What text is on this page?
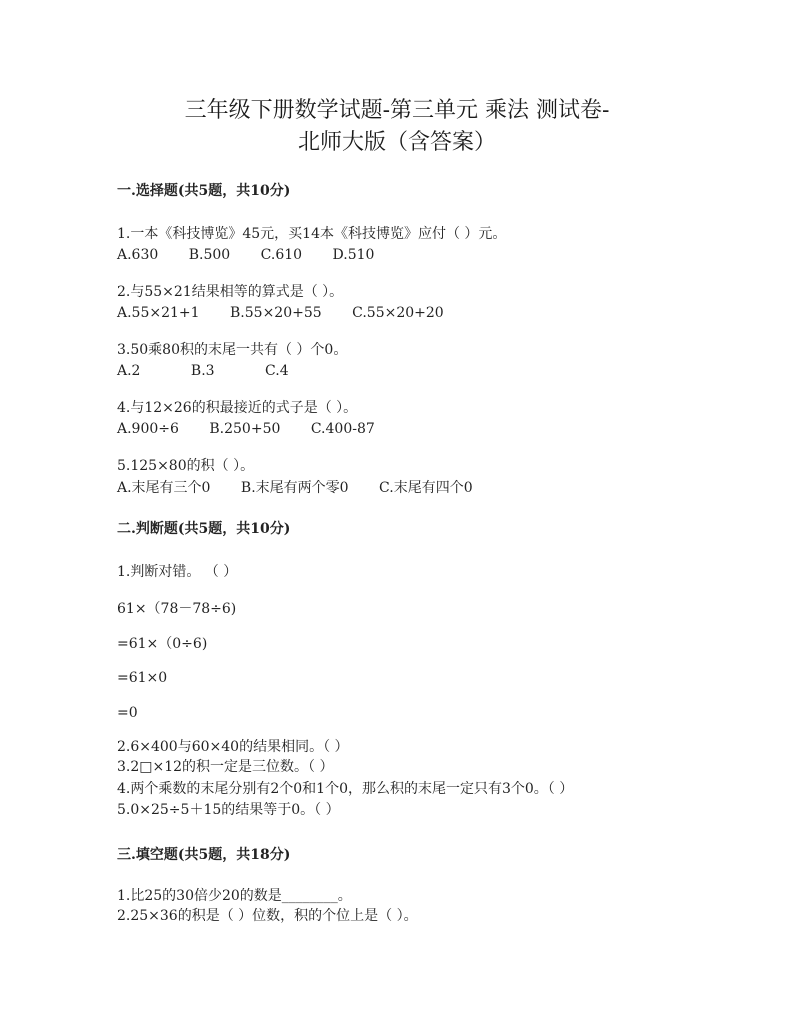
三年级下册数学试题-第三单元 乘法 测试卷-
北师大版（含答案）
一.选择题(共5题，共10分)
1.一本《科技博览》45元，买14本《科技博览》应付（ ）元。
A.630 B.500 C.610 D.510
2.与55×21结果相等的算式是（ ）。
A.55×21+1 B.55×20+55 C.55×20+20
3.50乘80积的末尾一共有（ ）个0。
A.2	B.3	C.4
4.与12×26的积最接近的式子是（ ）。
A.900÷6 B.250+50 C.400-87
5.125×80的积（ ）。
A.末尾有三个0 B.末尾有两个零0 C.末尾有四个0
二.判断题(共5题，共10分)
1.判断对错。 （ ）
61×（78－78÷6)
=61×（0÷6)
=61×0
=0
2.6×400与60×40的结果相同。（ ）
3.2□×12的积一定是三位数。（ ）
4.两个乘数的末尾分别有2个0和1个0，那么积的末尾一定只有3个0。（ ）
5.0×25÷5＋15的结果等于0。（ ）
三.填空题(共5题，共18分)
1.比25的30倍少20的数是________。
2.25×36的积是（ ）位数，积的个位上是（ ）。
